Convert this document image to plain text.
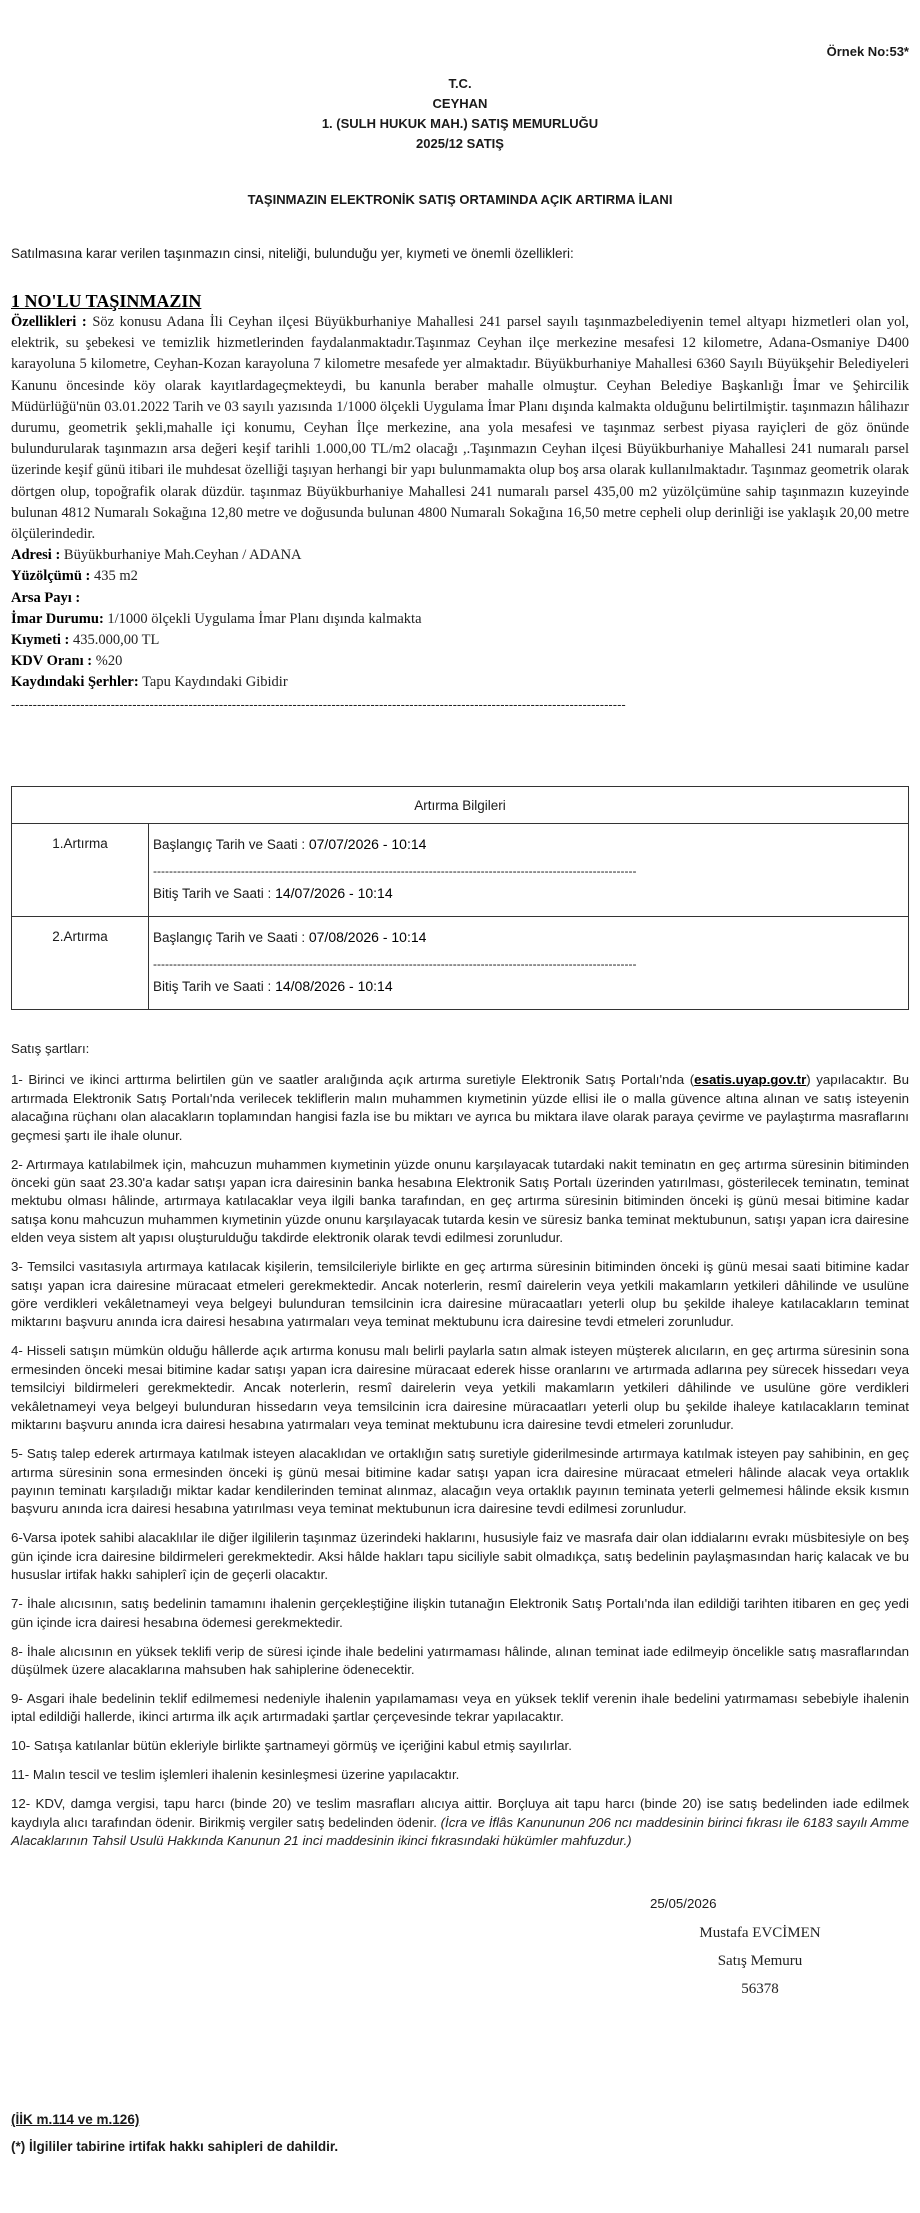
Örnek No:53*
T.C.
CEYHAN
1. (SULH HUKUK MAH.) SATIŞ MEMURLUĞU
2025/12 SATIŞ
TAŞINMAZIN ELEKTRONİK SATIŞ ORTAMINDA AÇIK ARTIRMA İLANI
Satılmasına karar verilen taşınmazın cinsi, niteliği, bulunduğu yer, kıymeti ve önemli özellikleri:
1 NO'LU TAŞINMAZIN

Özellikleri : Söz konusu Adana İli Ceyhan ilçesi Büyükburhaniye Mahallesi 241 parsel sayılı taşınmazbelediyenin temel altyapı hizmetleri olan yol, elektrik, su şebekesi ve temizlik hizmetlerinden faydalanmaktadır.Taşınmaz Ceyhan ilçe merkezine mesafesi 12 kilometre, Adana-Osmaniye D400 karayoluna 5 kilometre, Ceyhan-Kozan karayoluna 7 kilometre mesafede yer almaktadır. Büyükburhaniye Mahallesi 6360 Sayılı Büyükşehir Belediyeleri Kanunu öncesinde köy olarak kayıtlardageçmekteydi, bu kanunla beraber mahalle olmuştur. Ceyhan Belediye Başkanlığı İmar ve Şehircilik Müdürlüğü'nün 03.01.2022 Tarih ve 03 sayılı yazısında 1/1000 ölçekli Uygulama İmar Planı dışında kalmakta olduğunu belirtilmiştir. taşınmazın hâlihazır durumu, geometrik şekli,mahalle içi konumu, Ceyhan İlçe merkezine, ana yola mesafesi ve taşınmaz serbest piyasa rayiçleri de göz önünde bulundurularak taşınmazın arsa değeri keşif tarihli 1.000,00 TL/m2 olacağı ,.Taşınmazın Ceyhan ilçesi Büyükburhaniye Mahallesi 241 numaralı parsel üzerinde keşif günü itibari ile muhdesat özelliği taşıyan herhangi bir yapı bulunmamakta olup boş arsa olarak kullanılmaktadır. Taşınmaz geometrik olarak dörtgen olup, topoğrafik olarak düzdür. taşınmaz Büyükburhaniye Mahallesi 241 numaralı parsel 435,00 m2 yüzölçümüne sahip taşınmazın kuzeyinde bulunan 4812 Numaralı Sokağına 12,80 metre ve doğusunda bulunan 4800 Numaralı Sokağına 16,50 metre cepheli olup derinliği ise yaklaşık 20,00 metre ölçülerindedir.

Adresi : Büyükburhaniye Mah.Ceyhan / ADANA
Yüzölçümü : 435 m2
Arsa Payı :
İmar Durumu: 1/1000 ölçekli Uygulama İmar Planı dışında kalmakta
Kıymeti : 435.000,00 TL
KDV Oranı : %20
Kaydındaki Şerhler: Tapu Kaydındaki Gibidir
----------------------------------------------------------------------------------------------------------------------------------------------
Artırma Bilgileri	
1.Artırma	Başlangıç Tarih ve Saati : 07/07/2026 - 10:14
-------------------------------------------------------------------------------------------------------------------------
Bitiş Tarih ve Saati : 14/07/2026 - 10:14

2.Artırma	Başlangıç Tarih ve Saati : 07/08/2026 - 10:14
-------------------------------------------------------------------------------------------------------------------------
Bitiş Tarih ve Saati : 14/08/2026 - 10:14
Satış şartları:

1- Birinci ve ikinci arttırma belirtilen gün ve saatler aralığında açık artırma suretiyle Elektronik Satış Portalı'nda (esatis.uyap.gov.tr) yapılacaktır. Bu artırmada Elektronik Satış Portalı'nda verilecek tekliflerin malın muhammen kıymetinin yüzde ellisi ile o malla güvence altına alınan ve satış isteyenin alacağına rüçhanı olan alacakların toplamından hangisi fazla ise bu miktarı ve ayrıca bu miktara ilave olarak paraya çevirme ve paylaştırma masraflarını geçmesi şartı ile ihale olunur.

2- Artırmaya katılabilmek için, mahcuzun muhammen kıymetinin yüzde onunu karşılayacak tutardaki nakit teminatın en geç artırma süresinin bitiminden önceki gün saat 23.30'a kadar satışı yapan icra dairesinin banka hesabına Elektronik Satış Portalı üzerinden yatırılması, gösterilecek teminatın, teminat mektubu olması hâlinde, artırmaya katılacaklar veya ilgili banka tarafından, en geç artırma süresinin bitiminden önceki iş günü mesai bitimine kadar satışa konu mahcuzun muhammen kıymetinin yüzde onunu karşılayacak tutarda kesin ve süresiz banka teminat mektubunun, satışı yapan icra dairesine elden veya sistem alt yapısı oluşturulduğu takdirde elektronik olarak tevdi edilmesi zorunludur.

3- Temsilci vasıtasıyla artırmaya katılacak kişilerin, temsilcileriyle birlikte en geç artırma süresinin bitiminden önceki iş günü mesai saati bitimine kadar satışı yapan icra dairesine müracaat etmeleri gerekmektedir. Ancak noterlerin, resmî dairelerin veya yetkili makamların yetkileri dâhilinde ve usulüne göre verdikleri vekâletnameyi veya belgeyi bulunduran temsilcinin icra dairesine müracaatları yeterli olup bu şekilde ihaleye katılacakların teminat miktarını başvuru anında icra dairesi hesabına yatırmaları veya teminat mektubunu icra dairesine tevdi etmeleri zorunludur.

4- Hisseli satışın mümkün olduğu hâllerde açık artırma konusu malı belirli paylarla satın almak isteyen müşterek alıcıların, en geç artırma süresinin sona ermesinden önceki mesai bitimine kadar satışı yapan icra dairesine müracaat ederek hisse oranlarını ve artırmada adlarına pey sürecek hissedarı veya temsilciyi bildirmeleri gerekmektedir. Ancak noterlerin, resmî dairelerin veya yetkili makamların yetkileri dâhilinde ve usulüne göre verdikleri vekâletnameyi veya belgeyi bulunduran hissedarın veya temsilcinin icra dairesine müracaatları yeterli olup bu şekilde ihaleye katılacakların teminat miktarını başvuru anında icra dairesi hesabına yatırmaları veya teminat mektubunu icra dairesine tevdi etmeleri zorunludur.

5- Satış talep ederek artırmaya katılmak isteyen alacaklıdan ve ortaklığın satış suretiyle giderilmesinde artırmaya katılmak isteyen pay sahibinin, en geç artırma süresinin sona ermesinden önceki iş günü mesai bitimine kadar satışı yapan icra dairesine müracaat etmeleri hâlinde alacak veya ortaklık payının teminatı karşıladığı miktar kadar kendilerinden teminat alınmaz, alacağın veya ortaklık payının teminata yeterli gelmemesi hâlinde eksik kısmın başvuru anında icra dairesi hesabına yatırılması veya teminat mektubunun icra dairesine tevdi edilmesi zorunludur.

6-Varsa ipotek sahibi alacaklılar ile diğer ilgililerin taşınmaz üzerindeki haklarını, hususiyle faiz ve masrafa dair olan iddialarını evrakı müsbitesiyle on beş gün içinde icra dairesine bildirmeleri gerekmektedir. Aksi hâlde hakları tapu siciliyle sabit olmadıkça, satış bedelinin paylaşmasından hariç kalacak ve bu hususlar irtifak hakkı sahiplerî için de geçerli olacaktır.

7- İhale alıcısının, satış bedelinin tamamını ihalenin gerçekleştiğine ilişkin tutanağın Elektronik Satış Portalı'nda ilan edildiği tarihten itibaren en geç yedi gün içinde icra dairesi hesabına ödemesi gerekmektedir.

8- İhale alıcısının en yüksek teklifi verip de süresi içinde ihale bedelini yatırmaması hâlinde, alınan teminat iade edilmeyip öncelikle satış masraflarından düşülmek üzere alacaklarına mahsuben hak sahiplerine ödenecektir.

9- Asgari ihale bedelinin teklif edilmemesi nedeniyle ihalenin yapılamaması veya en yüksek teklif verenin ihale bedelini yatırmaması sebebiyle ihalenin iptal edildiği hallerde, ikinci artırma ilk açık artırmadaki şartlar çerçevesinde tekrar yapılacaktır.

10- Satışa katılanlar bütün ekleriyle birlikte şartnameyi görmüş ve içeriğini kabul etmiş sayılırlar.

11- Malın tescil ve teslim işlemleri ihalenin kesinleşmesi üzerine yapılacaktır.

12- KDV, damga vergisi, tapu harcı (binde 20) ve teslim masrafları alıcıya aittir. Borçluya ait tapu harcı (binde 20) ise satış bedelinden iade edilmek kaydıyla alıcı tarafından ödenir. Birikmiş vergiler satış bedelinden ödenir. (İcra ve İflâs Kanununun 206 ncı maddesinin birinci fıkrası ile 6183 sayılı Amme Alacaklarının Tahsil Usulü Hakkında Kanunun 21 inci maddesinin ikinci fıkrasındaki hükümler mahfuzdur.)

25/05/2026
Mustafa EVCİMEN
Satış Memuru
56378
(İİK m.114 ve m.126)
(*) İlgililer tabirine irtifak hakkı sahipleri de dahildir.
